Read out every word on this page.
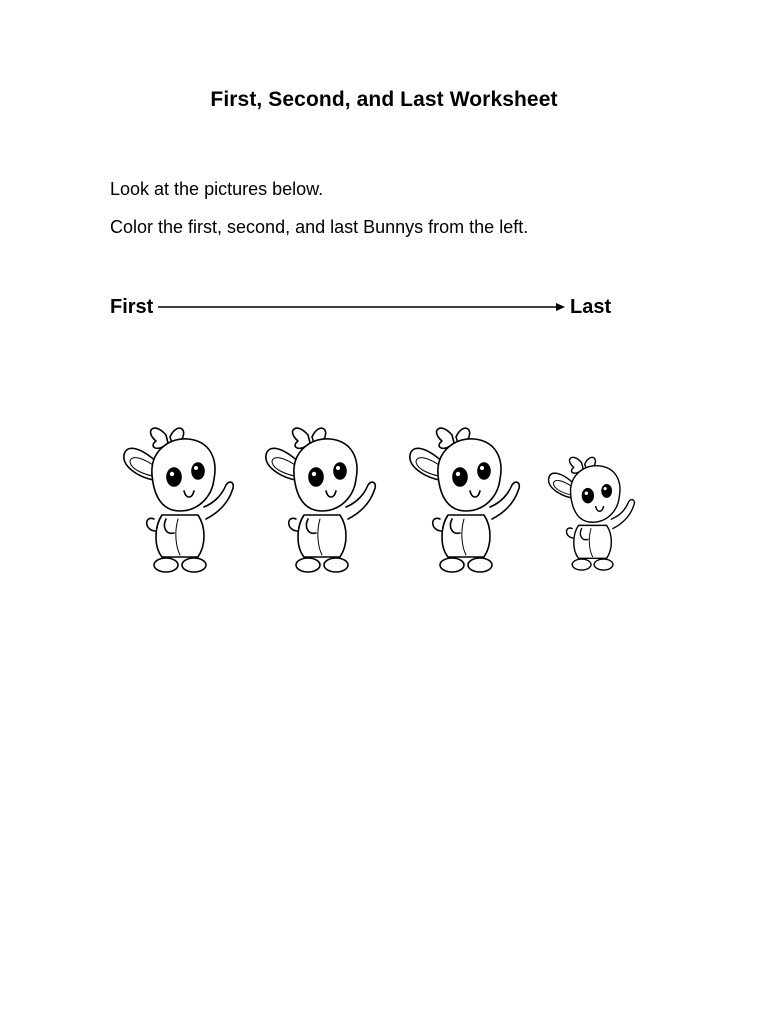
First, Second, and Last Worksheet
Look at the pictures below.
Color the first, second, and last Bunnys from the left.
First	Last
